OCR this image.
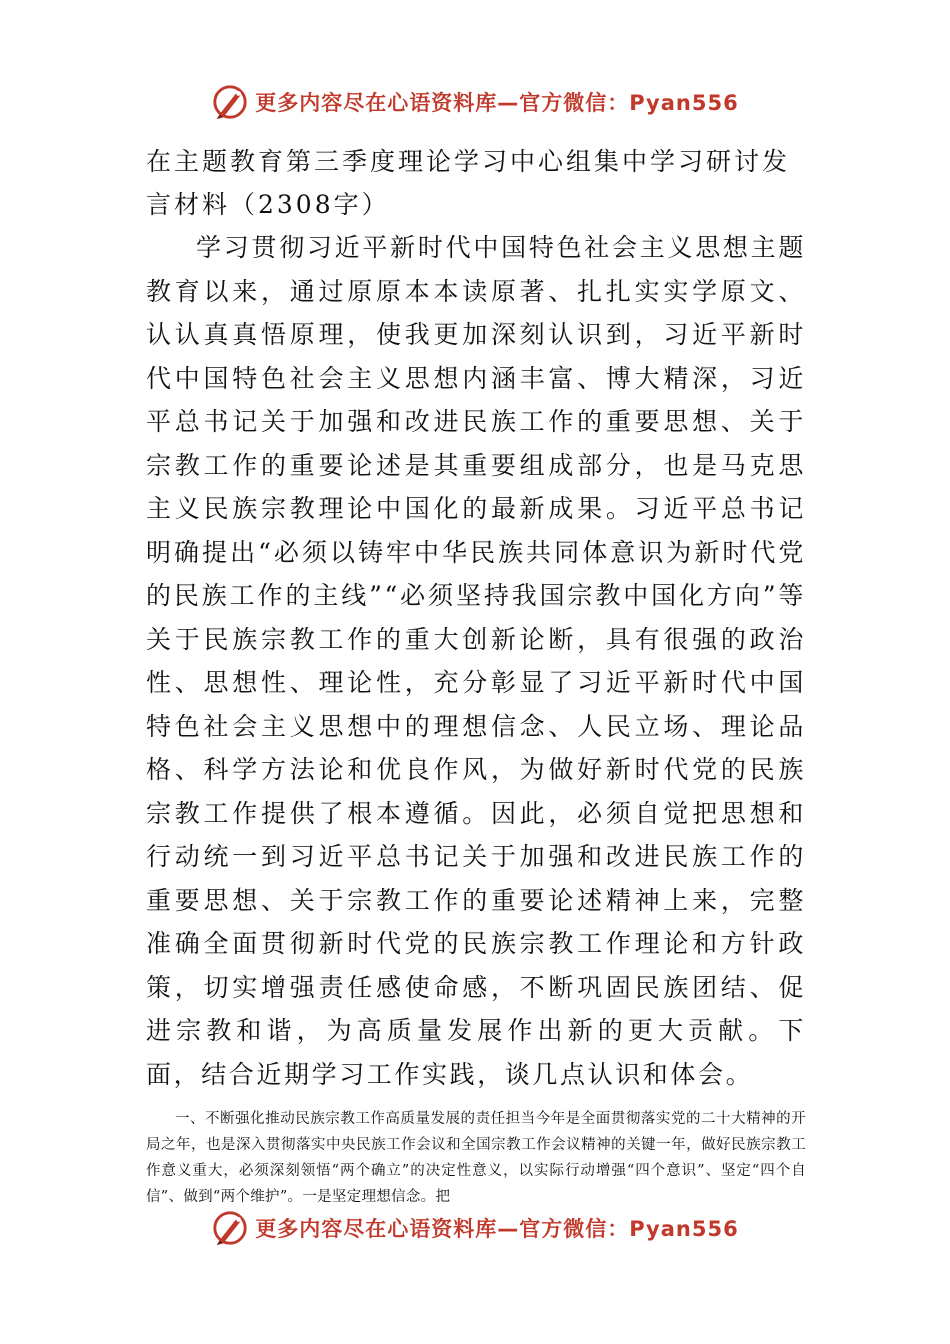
更多内容尽在心语资料库—官方微信：Pyan556
在主题教育第三季度理论学习中心组集中学习研讨发言材料（2308字）

学习贯彻习近平新时代中国特色社会主义思想主题教育以来，通过原原本本读原著、扎扎实实学原文、认认真真悟原理，使我更加深刻认识到，习近平新时代中国特色社会主义思想内涵丰富、博大精深，习近平总书记关于加强和改进民族工作的重要思想、关于宗教工作的重要论述是其重要组成部分，也是马克思主义民族宗教理论中国化的最新成果。习近平总书记明确提出“必须以铸牢中华民族共同体意识为新时代党的民族工作的主线”“必须坚持我国宗教中国化方向”等关于民族宗教工作的重大创新论断，具有很强的政治性、思想性、理论性，充分彰显了习近平新时代中国特色社会主义思想中的理想信念、人民立场、理论品格、科学方法论和优良作风，为做好新时代党的民族宗教工作提供了根本遵循。因此，必须自觉把思想和行动统一到习近平总书记关于加强和改进民族工作的重要思想、关于宗教工作的重要论述精神上来，完整准确全面贯彻新时代党的民族宗教工作理论和方针政策，切实增强责任感使命感，不断巩固民族团结、促进宗教和谐，为高质量发展作出新的更大贡献。下面，结合近期学习工作实践，谈几点认识和体会。

一、不断强化推动民族宗教工作高质量发展的责任担当今年是全面贯彻落实党的二十大精神的开局之年，也是深入贯彻落实中央民族工作会议和全国宗教工作会议精神的关键一年，做好民族宗教工作意义重大，必须深刻领悟“两个确立”的决定性意义，以实际行动增强“四个意识”、坚定“四个自信”、做到“两个维护”。一是坚定理想信念。把

更多内容尽在心语资料库—官方微信：Pyan556
